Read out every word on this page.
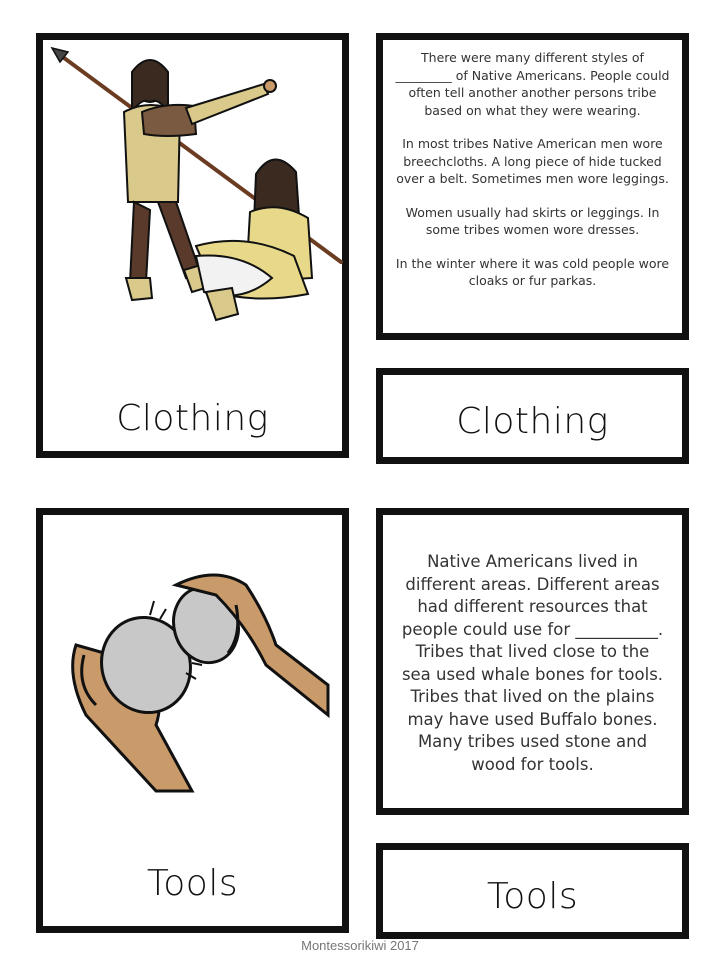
Clothing

There were many different styles of _________ of Native Americans. People could often tell another another persons tribe based on what they were wearing.

In most tribes Native American men wore breechcloths. A long piece of hide tucked over a belt. Sometimes men wore leggings.

Women usually had skirts or leggings. In some tribes women wore dresses.

In the winter where it was cold people wore cloaks or fur parkas.

Clothing
Tools
Native Americans lived in different areas. Different areas had different resources that people could use for __________. Tribes that lived close to the sea used whale bones for tools. Tribes that lived on the plains may have used Buffalo bones. Many tribes used stone and wood for tools.
Tools
Montessorikiwi 2017
